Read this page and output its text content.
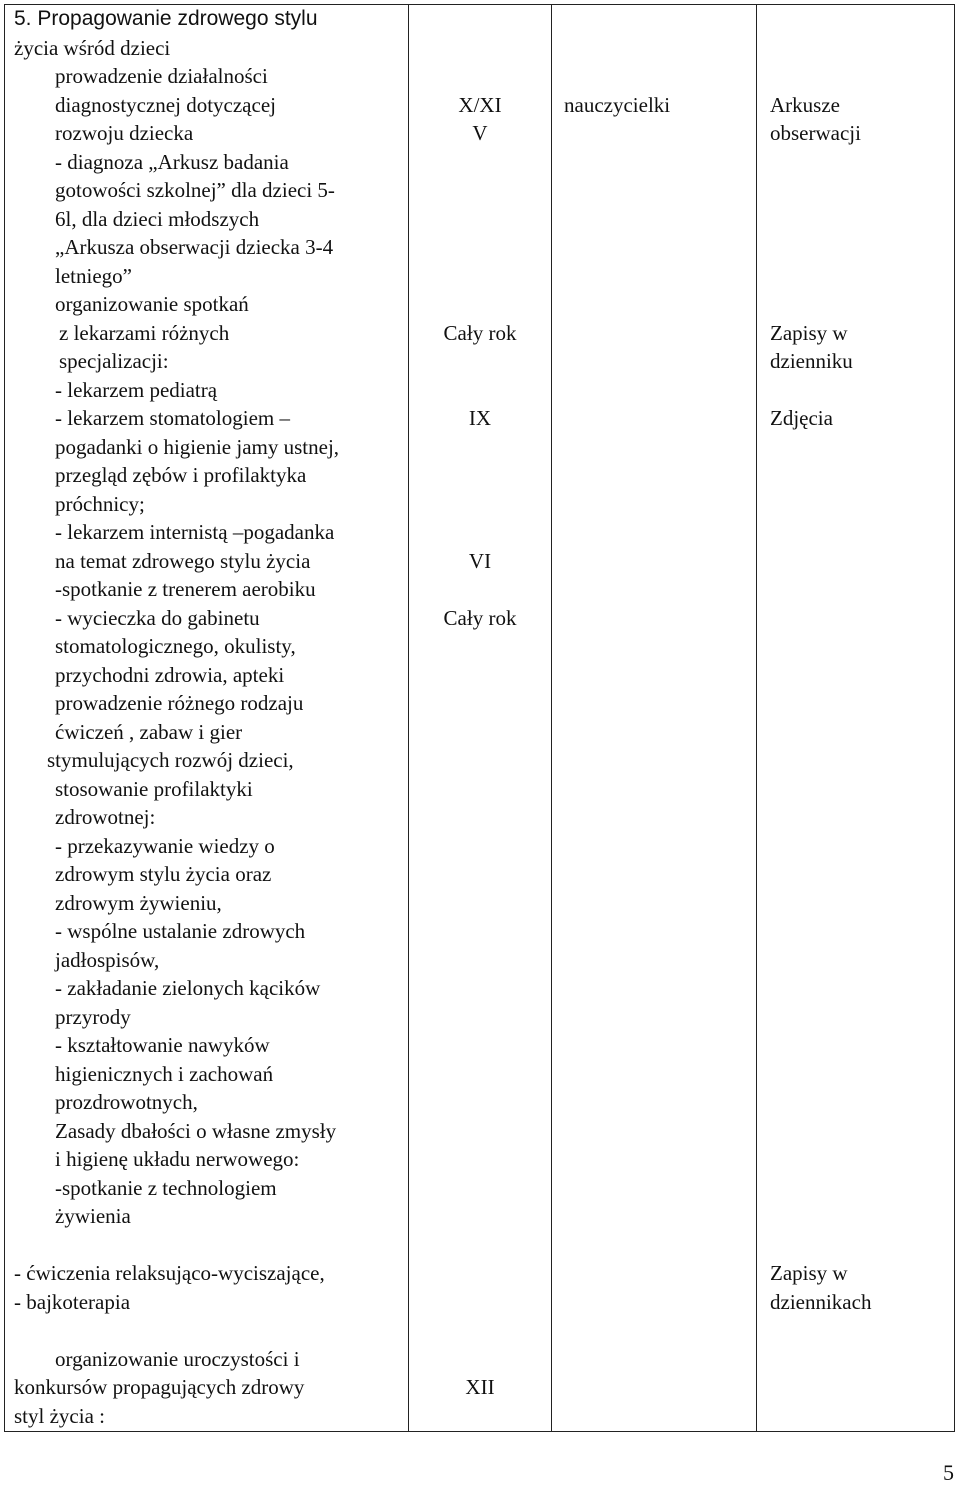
5. Propagowanie zdrowego stylu
życia wśród dzieci
prowadzenie działalności
diagnostycznej dotyczącej
rozwoju dziecka
- diagnoza „Arkusz badania
gotowości szkolnej” dla dzieci 5-
6l, dla dzieci młodszych
„Arkusza obserwacji dziecka 3-4
letniego”
organizowanie spotkań
z lekarzami różnych
specjalizacji:
- lekarzem pediatrą
- lekarzem stomatologiem –
pogadanki o higienie jamy ustnej,
przegląd zębów i profilaktyka
próchnicy;
- lekarzem internistą –pogadanka
na temat zdrowego stylu życia
-spotkanie z trenerem aerobiku
- wycieczka do gabinetu
stomatologicznego, okulisty,
przychodni zdrowia, apteki
prowadzenie różnego rodzaju
ćwiczeń , zabaw i gier
stymulujących rozwój dzieci,
stosowanie profilaktyki
zdrowotnej:
- przekazywanie wiedzy o
zdrowym stylu życia oraz
zdrowym żywieniu,
- wspólne ustalanie zdrowych
jadłospisów,
- zakładanie zielonych kącików
przyrody
- kształtowanie nawyków
higienicznych i zachowań
prozdrowotnych,
Zasady dbałości o własne zmysły
i higienę układu nerwowego:
-spotkanie z technologiem
żywienia
- ćwiczenia relaksująco-wyciszające,
- bajkoterapia
organizowanie uroczystości i
konkursów propagujących zdrowy
styl życia :
X/XI
V
Cały rok
IX
VI
Cały rok
XII
nauczycielki	Arkusze
obserwacji
Zapisy w
dzienniku
Zdjęcia
Zapisy w
dziennikach
5
